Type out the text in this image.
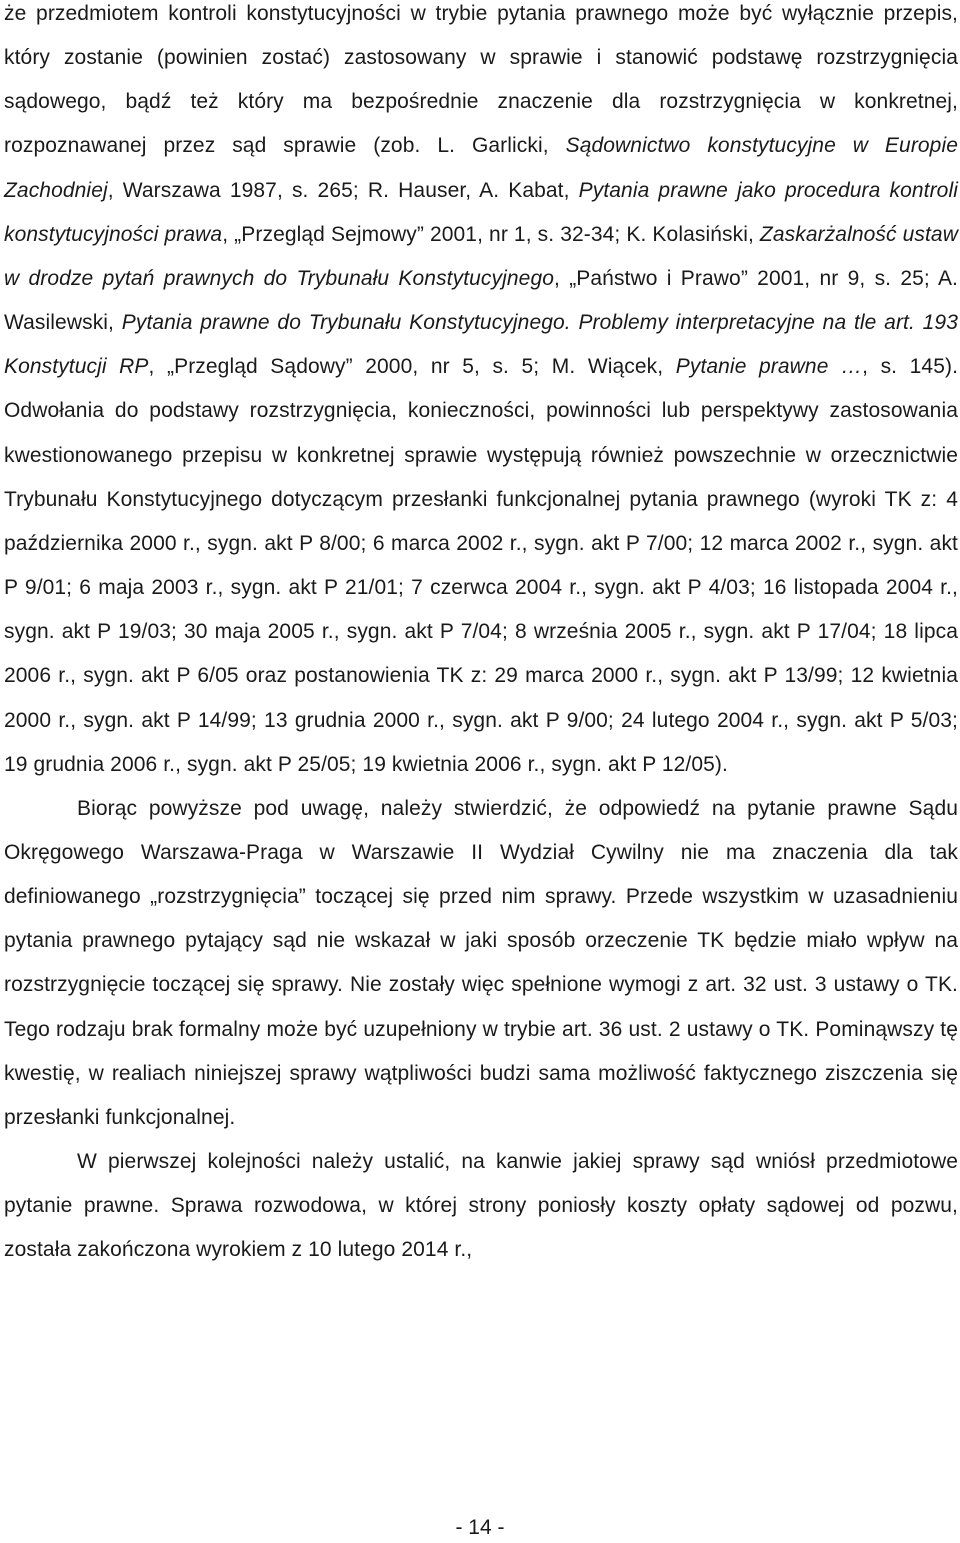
że przedmiotem kontroli konstytucyjności w trybie pytania prawnego może być wyłącznie przepis, który zostanie (powinien zostać) zastosowany w sprawie i stanowić podstawę rozstrzygnięcia sądowego, bądź też który ma bezpośrednie znaczenie dla rozstrzygnięcia w konkretnej, rozpoznawanej przez sąd sprawie (zob. L. Garlicki, Sądownictwo konstytucyjne w Europie Zachodniej, Warszawa 1987, s. 265; R. Hauser, A. Kabat, Pytania prawne jako procedura kontroli konstytucyjności prawa, „Przegląd Sejmowy” 2001, nr 1, s. 32-34; K. Kolasiński, Zaskarżalność ustaw w drodze pytań prawnych do Trybunału Konstytucyjnego, „Państwo i Prawo” 2001, nr 9, s. 25; A. Wasilewski, Pytania prawne do Trybunału Konstytucyjnego. Problemy interpretacyjne na tle art. 193 Konstytucji RP, „Przegląd Sądowy” 2000, nr 5, s. 5; M. Wiącek, Pytanie prawne …, s. 145). Odwołania do podstawy rozstrzygnięcia, konieczności, powinności lub perspektywy zastosowania kwestionowanego przepisu w konkretnej sprawie występują również powszechnie w orzecznictwie Trybunału Konstytucyjnego dotyczącym przesłanki funkcjonalnej pytania prawnego (wyroki TK z: 4 października 2000 r., sygn. akt P 8/00; 6 marca 2002 r., sygn. akt P 7/00; 12 marca 2002 r., sygn. akt P 9/01; 6 maja 2003 r., sygn. akt P 21/01; 7 czerwca 2004 r., sygn. akt P 4/03; 16 listopada 2004 r., sygn. akt P 19/03; 30 maja 2005 r., sygn. akt P 7/04; 8 września 2005 r., sygn. akt P 17/04; 18 lipca 2006 r., sygn. akt P 6/05 oraz postanowienia TK z: 29 marca 2000 r., sygn. akt P 13/99; 12 kwietnia 2000 r., sygn. akt P 14/99; 13 grudnia 2000 r., sygn. akt P 9/00; 24 lutego 2004 r., sygn. akt P 5/03; 19 grudnia 2006 r., sygn. akt P 25/05; 19 kwietnia 2006 r., sygn. akt P 12/05).

Biorąc powyższe pod uwagę, należy stwierdzić, że odpowiedź na pytanie prawne Sądu Okręgowego Warszawa-Praga w Warszawie II Wydział Cywilny nie ma znaczenia dla tak definiowanego „rozstrzygnięcia” toczącej się przed nim sprawy. Przede wszystkim w uzasadnieniu pytania prawnego pytający sąd nie wskazał w jaki sposób orzeczenie TK będzie miało wpływ na rozstrzygnięcie toczącej się sprawy. Nie zostały więc spełnione wymogi z art. 32 ust. 3 ustawy o TK. Tego rodzaju brak formalny może być uzupełniony w trybie art. 36 ust. 2 ustawy o TK. Pominąwszy tę kwestię, w realiach niniejszej sprawy wątpliwości budzi sama możliwość faktycznego ziszczenia się przesłanki funkcjonalnej.

W pierwszej kolejności należy ustalić, na kanwie jakiej sprawy sąd wniósł przedmiotowe pytanie prawne. Sprawa rozwodowa, w której strony poniosły koszty opłaty sądowej od pozwu, została zakończona wyrokiem z 10 lutego 2014 r.,

- 14 -
